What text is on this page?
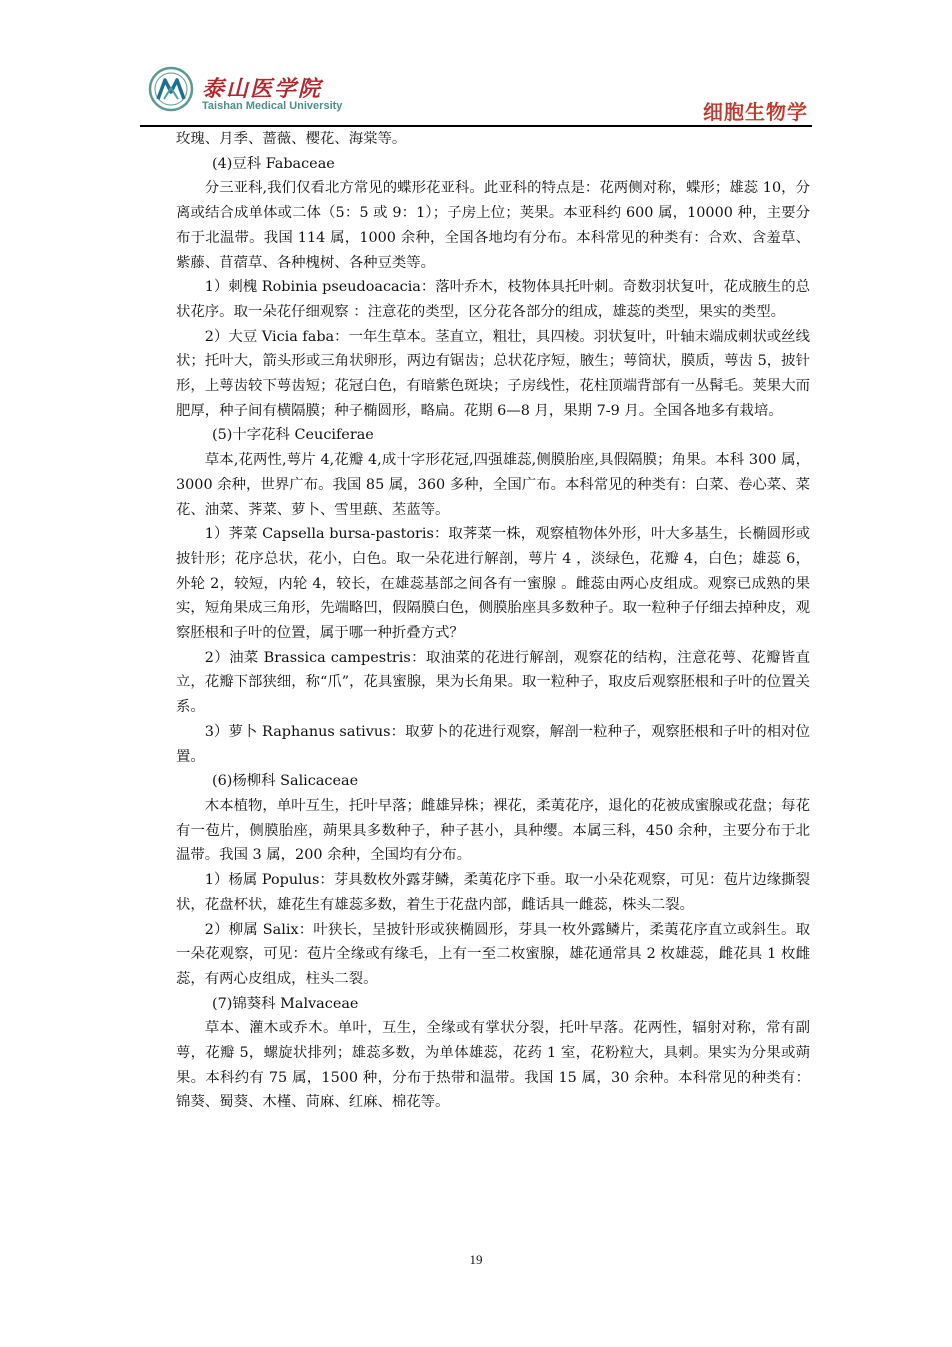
泰山医学院
Taishan Medical University	细胞生物学

玫瑰、月季、蔷薇、樱花、海棠等。

(4)豆科 Fabaceae

分三亚科,我们仅看北方常见的蝶形花亚科。此亚科的特点是：花两侧对称，蝶形；雄蕊 10，分离或结合成单体或二体（5：5 或 9：1）；子房上位；荚果。本亚科约 600 属，10000 种，主要分布于北温带。我国 114 属，1000 余种，全国各地均有分布。本科常见的种类有：合欢、含羞草、紫藤、苜蓿草、各种槐树、各种豆类等。

1）刺槐 Robinia pseudoacacia：落叶乔木，枝物体具托叶刺。奇数羽状复叶，花成腋生的总状花序。取一朵花仔细观察 ：注意花的类型，区分花各部分的组成，雄蕊的类型，果实的类型。

2）大豆 Vicia faba：一年生草本。茎直立，粗壮，具四棱。羽状复叶，叶轴末端成刺状或丝线状；托叶大，箭头形或三角状卵形，两边有锯齿；总状花序短，腋生；萼筒状，膜质，萼齿 5，披针形，上萼齿较下萼齿短；花冠白色，有暗紫色斑块；子房线性，花柱顶端背部有一丛髯毛。荚果大而肥厚，种子间有横隔膜；种子椭圆形，略扁。花期 6—8 月，果期 7-9 月。全国各地多有栽培。

(5)十字花科 Ceuciferae

草本,花两性,萼片 4,花瓣 4,成十字形花冠,四强雄蕊,侧膜胎座,具假隔膜；角果。本科 300 属，3000 余种，世界广布。我国 85 属，360 多种，全国广布。本科常见的种类有：白菜、卷心菜、菜花、油菜、荠菜、萝卜、雪里蕻、苤蓝等。

1）荠菜 Capsella bursa-pastoris：取荠菜一株，观察植物体外形，叶大多基生，长椭圆形或披针形；花序总状，花小，白色。取一朵花进行解剖，萼片 4 ，淡绿色，花瓣 4，白色；雄蕊 6，外轮 2，较短，内轮 4，较长，在雄蕊基部之间各有一蜜腺 。雌蕊由两心皮组成。观察已成熟的果实，短角果成三角形，先端略凹，假隔膜白色，侧膜胎座具多数种子。取一粒种子仔细去掉种皮，观察胚根和子叶的位置，属于哪一种折叠方式？

2）油菜 Brassica campestris：取油菜的花进行解剖，观察花的结构，注意花萼、花瓣皆直立，花瓣下部狭细，称“爪”，花具蜜腺，果为长角果。取一粒种子，取皮后观察胚根和子叶的位置关系。

3）萝卜 Raphanus sativus：取萝卜的花进行观察，解剖一粒种子，观察胚根和子叶的相对位置。

(6)杨柳科 Salicaceae

木本植物，单叶互生，托叶早落；雌雄异株；裸花，柔荑花序，退化的花被成蜜腺或花盘；每花有一苞片，侧膜胎座，蒴果具多数种子，种子甚小，具种缨。本属三科，450 余种，主要分布于北温带。我国 3 属，200 余种，全国均有分布。

1）杨属 Populus：芽具数枚外露芽鳞，柔荑花序下垂。取一小朵花观察，可见：苞片边缘撕裂状，花盘杯状，雄花生有雄蕊多数，着生于花盘内部，雌话具一雌蕊，株头二裂。

2）柳属 Salix：叶狭长，呈披针形或狭椭圆形，芽具一枚外露鳞片，柔荑花序直立或斜生。取一朵花观察，可见：苞片全缘或有缘毛，上有一至二枚蜜腺，雄花通常具 2 枚雄蕊，雌花具 1 枚雌蕊，有两心皮组成，柱头二裂。

(7)锦葵科 Malvaceae

草本、灌木或乔木。单叶，互生，全缘或有掌状分裂，托叶早落。花两性，辐射对称，常有副萼，花瓣 5，螺旋状排列；雄蕊多数，为单体雄蕊，花药 1 室，花粉粒大，具刺。果实为分果或蒴果。本科约有 75 属，1500 种，分布于热带和温带。我国 15 属，30 余种。本科常见的种类有：锦葵、蜀葵、木槿、苘麻、红麻、棉花等。

19
